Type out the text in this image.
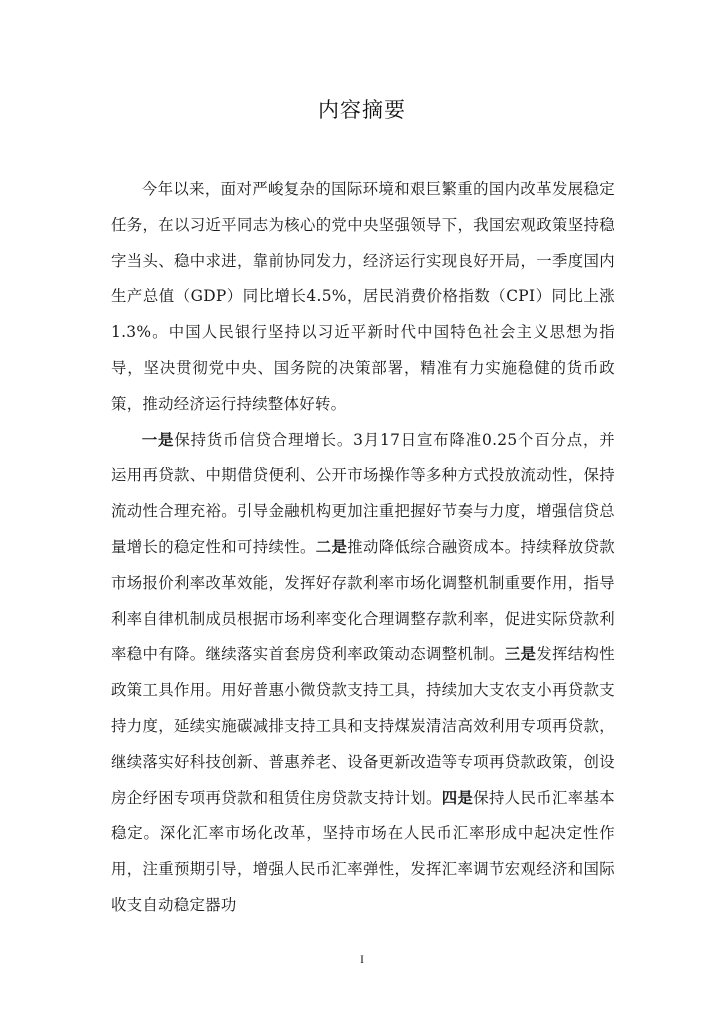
内容摘要

今年以来，面对严峻复杂的国际环境和艰巨繁重的国内改革发展稳定任务，在以习近平同志为核心的党中央坚强领导下，我国宏观政策坚持稳字当头、稳中求进，靠前协同发力，经济运行实现良好开局，一季度国内生产总值（GDP）同比增长4.5%，居民消费价格指数（CPI）同比上涨1.3%。中国人民银行坚持以习近平新时代中国特色社会主义思想为指导，坚决贯彻党中央、国务院的决策部署，精准有力实施稳健的货币政策，推动经济运行持续整体好转。

一是保持货币信贷合理增长。3月17日宣布降准0.25个百分点，并运用再贷款、中期借贷便利、公开市场操作等多种方式投放流动性，保持流动性合理充裕。引导金融机构更加注重把握好节奏与力度，增强信贷总量增长的稳定性和可持续性。二是推动降低综合融资成本。持续释放贷款市场报价利率改革效能，发挥好存款利率市场化调整机制重要作用，指导利率自律机制成员根据市场利率变化合理调整存款利率，促进实际贷款利率稳中有降。继续落实首套房贷利率政策动态调整机制。三是发挥结构性政策工具作用。用好普惠小微贷款支持工具，持续加大支农支小再贷款支持力度，延续实施碳减排支持工具和支持煤炭清洁高效利用专项再贷款，继续落实好科技创新、普惠养老、设备更新改造等专项再贷款政策，创设房企纾困专项再贷款和租赁住房贷款支持计划。四是保持人民币汇率基本稳定。深化汇率市场化改革，坚持市场在人民币汇率形成中起决定性作用，注重预期引导，增强人民币汇率弹性，发挥汇率调节宏观经济和国际收支自动稳定器功

I
